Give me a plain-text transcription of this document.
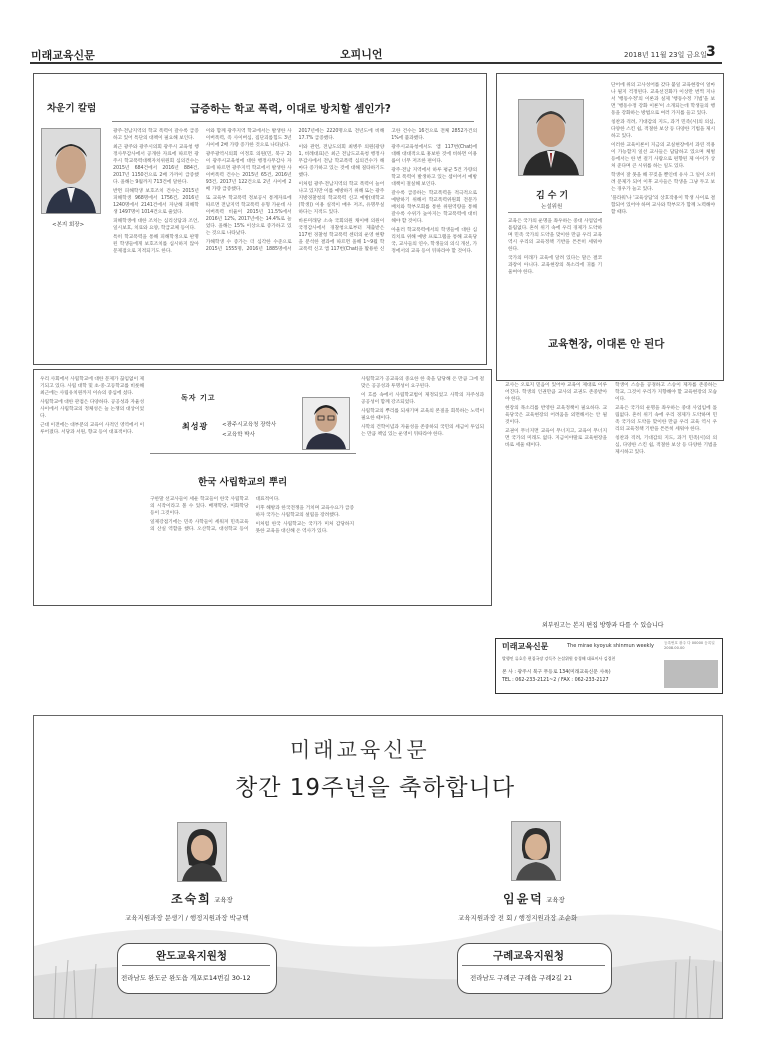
미래교육신문	오피니언	2018년 11월 23일 금요일 3
차운기 칼럼
<본지 회장>
급증하는 학교 폭력, 이대로 방치할 셈인가?

광주·전남지역의 학교 폭력이 갈수록 급증하고 있어 특단의 대책이 필요해 보인다.

최근 광주와 광주시의회 광주시 교육청 행정사무감사에서 공개한 자료에 따르면 광주시 학교폭력대책자치위원회 심의건수는 2015년 684건에서 2016년 884건, 2017년 1150건으로 2배 가까이 급증했다. 올해는 9월까지 713건에 달한다.

반면 피해학생 보호조치 건수는 2015년 피해학생 968명에서 1756건, 2016년 1240명에서 2141건에서 자난해 피해학생 1497명이 1014건으로 줄었다.

피해학생에 대한 조치는 심리상담과 조언, 일시보호, 치료와 요양, 학급교체 등이다.

특히 학교폭력을 통해 피해학생으로 판명된 학생들에게 보호조치를 십시하지 않아 문제점으로 지적되기도 한다.

이와 함께 광주지역 학교에서는 발생한 사이버폭력, 즉 사이버심, 집단괴롭힘도 3년 사이에 2배 가량 증가한 것으로 나타났다.

광주광역시의회 이정호 의원(민, 북구 2)이 광주시교육청에 대한 행정사무감사 자료에 따르면 광주지역 학교에서 발생한 사이버폭력 건수는 2015년 65건, 2016년 93건, 2017년 122건으로 2년 사이에 2배 가량 급증했다.

또 교육부 학교폭력 정보공시 통계자료에 따르면 전남지역 학교폭력 유형 가운데 사이버폭력 비율이 2015년 11.5%에서 2016년 12%, 2017년에는 14.4%로 늘었다. 올해는 15% 이상으로 증가하고 있는 것으로 나타났다.

가해학생 수 증가는 더 심각한 수준으로 2015년 1555명, 2016년 1885명에서 2017년에는 2220명으로 전년도에 비해 17.7% 급증했다.

이와 관련, 전남도의회 최병주 의원(광양1, 비례대표)은 최근 전남도교육청 행정사무감사에서 전남 학교폭력 심의건수가 해마다 증가하고 있는 것에 대해 질타하기도 했다.

이처럼 광주·전남지역의 학교 폭력이 늘어나고 있지만 이를 예방하기 위해 또는 광주지방경찰청의 학교폭력 신고 예방(대학교(학생)) 이용 실적이 매우 저조, 유명무실하다는 지적도 있다.

바른미래당 소속 국회의원 채이배 의원이 국정감사에서 경찰청으로부터 제출받은 117번 경찰청 학교폭력 센터의 운영 현황을 분석한 결과에 따르면 올해 1~9월 학교폭력 신고 앱 117번(Chat)을 활용한 신고한 건수는 16건으로 전체 2852가건의 1%에 불과했다.

광주시교육청에서도 앱 117번(Chat)에 대해 대대적으로 홍보한 것에 비하면 이용률이 너무 저조한 편이다.

광주·전남 지역에서 하루 평균 5건 가량의 학교 폭력이 발생하고 있는 셈이어서 예방 대책이 절실해 보인다.

갈수록 급증하는 학교폭력을 적극적으로 예방하기 위해서 학교폭력위원회 전문가 배치와 학부모회를 통한 위원역량을 통해 갈수록 수위가 높아지는 학교폭력에 대비해야 할 것이다.

아울러 학교폭력에서의 학생들에 대한 심리치료 위해 예방 프로그램을 통해 교육당국, 교사들의 연수, 학생들의 의식 개선, 가정에서의 교육 등이 뒤따라야 할 것이다.

김수기
논설위원

교육은 국가의 운명을 좌우하는 중대 사업임에 틀림없다. 흔히 위기 속에 우리 경제가 도약하며 민족 국가의 도약을 맞이한 만큼 우리 교육 역시 우리의 교육정책 기반을 튼튼히 세워야 한다.

국가의 미래가 교육에 달려 있다는 말은 결코 과장이 아니다. 교육현장의 목소리에 귀를 기울여야 한다.

단어에 위의 고사성어를 갖다 붙일 교육현장이 얼마나 될지 걱정된다. 교육선진화가 이상만 번쩍 지나서 '행동수정'의 이론과 실제 '행동수정 기법'을 보면 '행동수정 강화 이론'이 소개되는데 학생들의 행동을 강화하는 방법으로 여러 가지를 들고 있다.

칭찬과 격려, 기대감의 지도, 과거 민족(시)의 의심, 다양한 스킨 쉽, 적절한 보상 등 다양한 기법을 제시하고 있다.

이러한 교육이론이 지금의 교실현장에서 과연 적용이 가능할지 일선 교사들은 답답하고 있으며 체벌 등에서는 한 번 걸기 사람으로 편향된 제 아이가 상처 준다며 큰 시위를 하는 일도 있다.

학생이 잘 못을 해 꾸짖을 뿐인데 유사 그 일이 오히려 문제가 되어 이후 교사들은 학생을 그냥 두고 보는 경우가 늘고 있다.

'플라워'나 '교육상담'의 상호작용이 학생 사이로 결합되어 있어야 하며 교사와 학부모가 함께 노력해야 할 때다.

교육현장, 이대론 안 된다

교사는 오로지 믿음이 있어야 교육이 제대로 이루어진다. 학생의 인권만큼 교사의 교권도 존중받아야 한다.

현장의 목소리를 반영한 교육정책이 필요하다. 교육당국은 교육현장의 어려움을 외면해서는 안 될 것이다.

교권이 무너지면 교육이 무너지고, 교육이 무너지면 국가의 미래도 없다. 지금이야말로 교육현장을 바로 세울 때이다.

학생이 스승을 공경하고 스승이 제자를 존중하는 학교, 그것이 우리가 지향해야 할 교육현장의 모습이다.

교육은 국가의 운명을 좌우하는 중대 사업임에 틀림없다. 흔히 위기 속에 우리 경제가 도약하며 민족 국가의 도약을 맞이한 만큼 우리 교육 역시 우리의 교육정책 기반을 튼튼히 세워야 한다.

칭찬과 격려, 기대감의 지도, 과거 민족(시)의 의심, 다양한 스킨 쉽, 적절한 보상 등 다양한 기법을 제시하고 있다.

우리 사회에서 사립학교에 대한 문제가 끊임없이 제기되고 있다. 사립 대학 및 초·중·고등학교를 비롯해 최근에는 사립유치원까지 이슈의 중심에 섰다.

사립학교에 대한 관점은 다양하다. 공공성과 자율성 사이에서 사립학교의 정체성은 늘 논쟁의 대상이었다.

근대 이전에는 대부분의 교육이 사적인 영역에서 이루어졌다. 서당과 서원, 향교 등이 대표적이다.

독자 기고
최성광	<광주시교육청 장학사
<교육학 박사
한국 사립학교의 뿌리

구한말 선교사들이 세운 학교들이 한국 사립학교의 시작이라고 볼 수 있다. 배재학당, 이화학당 등이 그것이다.

일제강점기에는 민족 사학들이 세워져 민족교육의 산실 역할을 했다. 오산학교, 대성학교 등이 대표적이다.

이후 해방과 한국전쟁을 거치며 교육수요가 급증하자 국가는 사립학교의 설립을 장려했다.

이처럼 한국 사립학교는 국가가 미처 감당하지 못한 교육을 대신해 온 역사가 있다.

사립학교가 공교육의 중요한 한 축을 담당해 온 만큼 그에 걸맞은 공공성과 투명성이 요구된다.

이 흐름 속에서 사립학교법이 제정되었고 사학의 자주성과 공공성이 함께 강조되었다.

사립학교의 뿌리를 되새기며 교육의 본질을 회복하는 노력이 필요한 때이다.

사학의 건학이념과 자율성을 존중하되 국민의 세금이 투입되는 만큼 책임 있는 운영이 뒤따라야 한다.

외부원고는 본지 편집 방향과 다를 수 있습니다
미래교육신문	The mirae kyoyuk shinmun weekly
발행인 류호웅 편집국장 강득주 논설위원 송경해 대표이사 김경천
본 사 : 광주시 북구 무등로 134(미래교육신문 사옥)
TEL : 062-233-2121~2 / FAX : 062-233-2127
등록번호 광주 다 00000 등록일 2008.00.00
미래교육신문
창간 19주년을 축하합니다
조숙희 교육장
교육지원과장 문생기 / 행정지원과장 박규백
완도교육지원청
전라남도 완도군 완도읍 개포로14번길 30-12
임윤덕 교육장
교육지원과장 전 회 / 행정지원과장 조순화
구례교육지원청
전라남도 구례군 구례읍 구례2길 21
